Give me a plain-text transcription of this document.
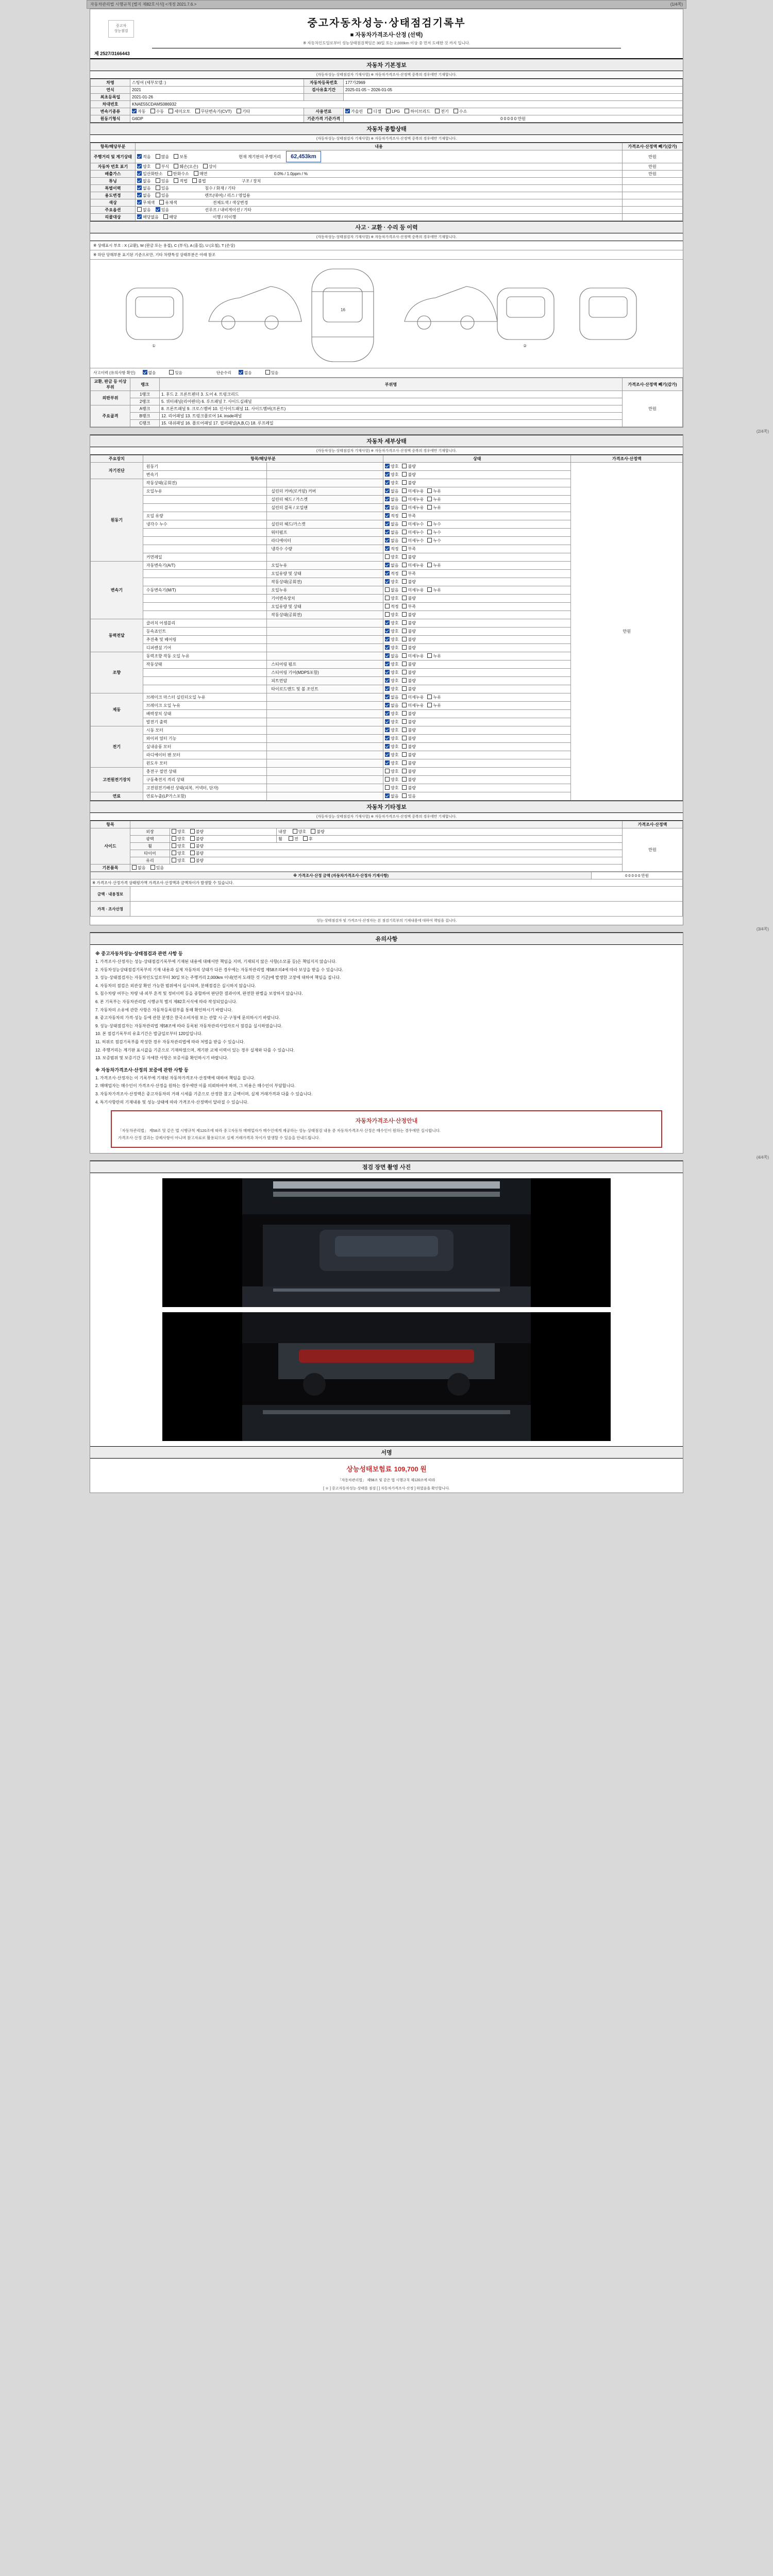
자동차관리법 시행규칙 [별지 제82호서식] <개정 2021.7.6.>	(1/4쪽)
중고차
성능점검
중고자동차성능·상태점검기록부
■ 자동차가격조사·산정 (선택)
※ 자동차인도일로부터 성능상태점검책임은 30일 또는 2,000km 이상 중 먼저 도래한 것 까지 입니다.
제 2527/3166443
자동차 기본정보
(자동차성능·상태점검자 기재사항) ※ 자동차가격조사·산정액 중복의 경우에만 기재합니다.
차명	스팅어 (세부모델: )	자동차등록번호	177가2969
연식	2021	검사유효기간	2025-01-05 ~ 2026-01-05
최초등록일	2021-01-26		
차대번호	KNAE55CDAMS086932		
변속기종류	자동 수동 세미오토 무단변속기(CVT) 기타	사용연료	가솔린 디젤 LPG 하이브리드 전기 수소
원동기형식	G6DP	기준가격 기준가격	0 0 0 0 0 만원
자동차 종합상태
(자동차성능·상태점검자 기재사항) ※ 자동차가격조사·산정액 중복의 경우에만 기재합니다.
항목/해당부분	내용	가격조사·산정액 빼기(감가)
주행거리 및 계기상태	적음 많음 보통 현재 계기판의 주행거리 62,453km	만원
자동차 번호 표기	양호 부식 훼손(오손) 상이	만원
배출가스	일산화탄소 탄화수소 매연 0.0% / 1.0ppm / %	만원
튜닝	없음 있음 적법 불법 구조 / 장치	
특별이력	없음 있음 침수 / 화재 / 기타	
용도변경	없음 있음 렌트(대여) / 리스 / 영업용	
색상	무채색 유채색 전체도색 / 색상변경	
주요옵션	없음 있음 선루프 / 내비게이션 / 기타	
리콜대상	해당없음 해당 이행 / 미이행	
사고 · 교환 · 수리 등 이력
(자동차성능·상태점검자 기재사항) ※ 자동차가격조사·산정액 중복의 경우에만 기재합니다.
※ 상태표시 부호 : X (교환), W (판금 또는 용접), C (부식), A (흠집), U (요철), T (손상)
※ 하단 당해부분 표기된 기준으로만, 기타 차량특성 상태부분은 아래 참조
16
①	②
사고이력 (유의사항 확인)	없음	있음	단순수리	없음	있음
교환, 판금 등 이상부위	랭크	부위명	가격조사·산정액 빼기(감가)
외판부위	1랭크	1. 후드 2. 프론트펜더 3. 도어 4. 트렁크리드	만원
	2랭크	5. 쿼터패널(리어펜더) 6. 루프패널 7. 사이드실패널	
주요골격	A랭크	8. 프론트패널 9. 크로스멤버 10. 인사이드패널 11. 사이드멤버(프론트)	
	B랭크	12. 리어패널 13. 트렁크플로어 14. insde패널	
	C랭크	15. 대쉬패널 16. 플로어패널 17. 필러패널(A,B,C) 18. 루프레일	
(2/4쪽)
자동차 세부상태
(자동차성능·상태점검자 기재사항) ※ 자동차가격조사·산정액 중복의 경우에만 기재합니다.
주요장치	항목/해당부분		상태	가격조사·산정액
자기진단	원동기		양호 불량	만원
	변속기		양호 불량	
원동기	작동상태(공회전)		양호 불량	
	오일누유	실린더 커버(로커암) 커버	없음 미세누유 누유	
		실린더 헤드 / 가스켓	없음 미세누유 누유	
		실린더 블록 / 오일팬	없음 미세누유 누유	
	오일 유량		적정 부족	
	냉각수 누수	실린더 헤드/가스켓	없음 미세누수 누수	
		워터펌프	없음 미세누수 누수	
		라디에이터	없음 미세누수 누수	
		냉각수 수량	적정 부족	
	커먼레일		양호 불량	
변속기	자동변속기(A/T)	오일누유	없음 미세누유 누유	
		오일유량 및 상태	적정 부족	
		작동상태(공회전)	양호 불량	
	수동변속기(M/T)	오일누유	없음 미세누유 누유	
		기어변속장치	양호 불량	
		오일유량 및 상태	적정 부족	
		작동상태(공회전)	양호 불량	
동력전달	클러치 어셈블리		양호 불량	
	등속죠인트		양호 불량	
	추진축 및 베어링		양호 불량	
	디퍼렌셜 기어		양호 불량	
조향	동력조향 작동 오일 누유		없음 미세누유 누유	
	작동상태	스티어링 펌프	양호 불량	
		스티어링 기어(MDPS포함)	양호 불량	
		피트먼암	양호 불량	
		타이로드엔드 및 볼 조인트	양호 불량	
제동	브레이크 마스터 실린더오일 누유		없음 미세누유 누유	
	브레이크 오일 누유		없음 미세누유 누유	
	배력장치 상태		양호 불량	
	발전기 출력		양호 불량	
전기	시동 모터		양호 불량	
	와이퍼 얼터 기능		양호 불량	
	실내송풍 모터		양호 불량	
	라디에이터 팬 모터		양호 불량	
	윈도우 모터		양호 불량	
고전원전기장치	충전구 절연 상태		양호 불량	
	구동축전지 격리 상태		양호 불량	
	고전원전기배선 상태(피복, 커넥터, 단자)		양호 불량	
연료	연료누출(LP가스포함)		없음 있음	
자동차 기타정보
(자동차성능·상태점검자 기재사항) ※ 자동차가격조사·산정액 중복의 경우에만 기재합니다.
항목				가격조사·산정액
사이드	외장	양호 불량	내장 양호 불량	만원
	광택	양호 불량	휠 전 후	
	휠	양호 불량		
	타이어	양호 불량		
	유리	양호 불량		
기본품목	없음 있음			
※ 가격조사·산정 금액 (자동차가격조사·산정자 기재사항)		0 0 0 0 0 만원
※ 가격조사·산정가격 상태평가액 가격조사·산정액과 금액차이가 발생할 수 있습니다.		
금액 · 내용정보		
가격 · 조사산정		
성능·상태점검자 및 가격조사·산정자는 본 점검기록부의 기재내용에 대하여 책임을 집니다.
(3/4쪽)
유의사항
※ 중고자동차성능·상태점검과 관련 사항 등

1. 가격조사·산정자는 성능·상태점검기록부에 기재된 내용에 대해서만 책임을 지며, 기재되지 않은 사항(소모품 등)은 책임지지 않습니다.

2. 자동차성능상태점검기록부의 기재 내용과 실제 자동차의 상태가 다른 경우에는 자동차관리법 제58조의4에 따라 보상을 받을 수 있습니다.

3. 성능·상태점검자는 자동차인도일로부터 30일 또는 주행거리 2,000km 이내(먼저 도래한 것 기준)에 발생한 고장에 대하여 책임을 집니다.

4. 자동차의 점검은 외관상 확인 가능한 범위에서 실시되며, 분해점검은 실시하지 않습니다.

5. 침수차량 여부는 차량 내·외부 흔적 및 정비이력 등을 종합하여 판단한 결과이며, 완전한 판별을 보장하지 않습니다.

6. 본 기록부는 자동차관리법 시행규칙 별지 제82호서식에 따라 작성되었습니다.

7. 자동차의 소유에 관한 사항은 자동차등록원부를 통해 확인하시기 바랍니다.

8. 중고자동차의 가격·성능 등에 관한 분쟁은 한국소비자원 또는 관할 시·군·구청에 문의하시기 바랍니다.

9. 성능·상태점검자는 자동차관리법 제58조에 따라 등록된 자동차관리사업자로서 점검을 실시하였습니다.

10. 본 점검기록부의 유효기간은 발급일로부터 120일입니다.

11. 허위로 점검기록부를 작성한 경우 자동차관리법에 따라 처벌을 받을 수 있습니다.

12. 주행거리는 계기판 표시값을 기준으로 기재하였으며, 계기판 교체 이력이 있는 경우 실제와 다를 수 있습니다.

13. 보증범위 및 보증기간 등 자세한 사항은 보증서를 확인하시기 바랍니다.

※ 자동차가격조사·산정의 보증에 관한 사항 등

1. 가격조사·산정자는 이 기록부에 기재된 자동차가격조사·산정액에 대하여 책임을 집니다.

2. 매매업자는 매수인이 가격조사·산정을 원하는 경우에만 이를 의뢰하여야 하며, 그 비용은 매수인이 부담합니다.

3. 자동차가격조사·산정액은 중고자동차의 거래 시세를 기준으로 산정한 참고 금액이며, 실제 거래가격과 다를 수 있습니다.

4. 특기사항란의 기재내용 및 성능·상태에 따라 가격조사·산정액이 달라질 수 있습니다.

자동차가격조사·산정안내

「자동차관리법」 제58조 및 같은 법 시행규칙 제120조에 따라 중고자동차 매매업자가 매수인에게 제공하는 성능·상태점검 내용 중 자동차가격조사·산정은 매수인이 원하는 경우에만 실시합니다.

가격조사·산정 결과는 강제사항이 아니며 참고자료로 활용되므로 실제 거래가격과 차이가 발생할 수 있음을 안내드립니다.

(4/4쪽)
점검 장면 촬영 사진
서명
상능성태보험료 109,700 원
「자동차관리법」 제58조 및 같은 법 시행규칙 제120조에 따라
[ ＊ ] 중고자동차성능·상태를 점검 [ ] 자동차가격조사·산정 ] 하였음을 확인합니다.
